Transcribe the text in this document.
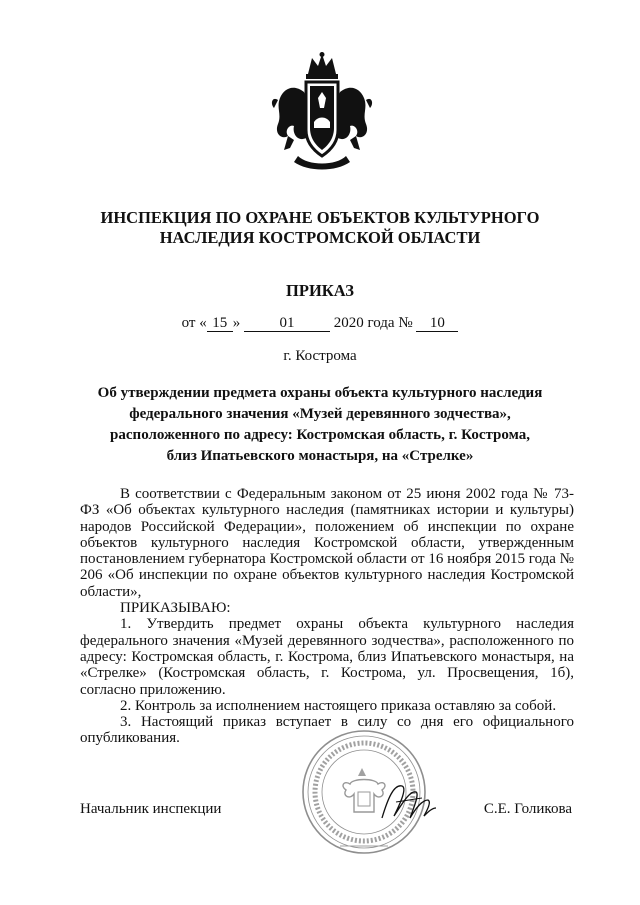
ИНСПЕКЦИЯ ПО ОХРАНЕ ОБЪЕКТОВ КУЛЬТУРНОГО
НАСЛЕДИЯ КОСТРОМСКОЙ ОБЛАСТИ
ПРИКАЗ
от « 15 »	01	2020 года № 10
г. Кострома
Об утверждении предмета охраны объекта культурного наследия
федерального значения «Музей деревянного зодчества»,
расположенного по адресу: Костромская область, г. Кострома,
близ Ипатьевского монастыря, на «Стрелке»

В соответствии с Федеральным законом от 25 июня 2002 года № 73-ФЗ «Об объектах культурного наследия (памятниках истории и культуры) народов Российской Федерации», положением об инспекции по охране объектов культурного наследия Костромской области, утвержденным постановлением губернатора Костромской области от 16 ноября 2015 года № 206 «Об инспекции по охране объектов культурного наследия Костромской области»,

ПРИКАЗЫВАЮ:

1. Утвердить предмет охраны объекта культурного наследия федерального значения «Музей деревянного зодчества», расположенного по адресу: Костромская область, г. Кострома, близ Ипатьевского монастыря, на «Стрелке» (Костромская область, г. Кострома, ул. Просвещения, 1б), согласно приложению.

2. Контроль за исполнением настоящего приказа оставляю за собой.

3. Настоящий приказ вступает в силу со дня его официального опубликования.

Начальник инспекции	С.Е. Голикова
